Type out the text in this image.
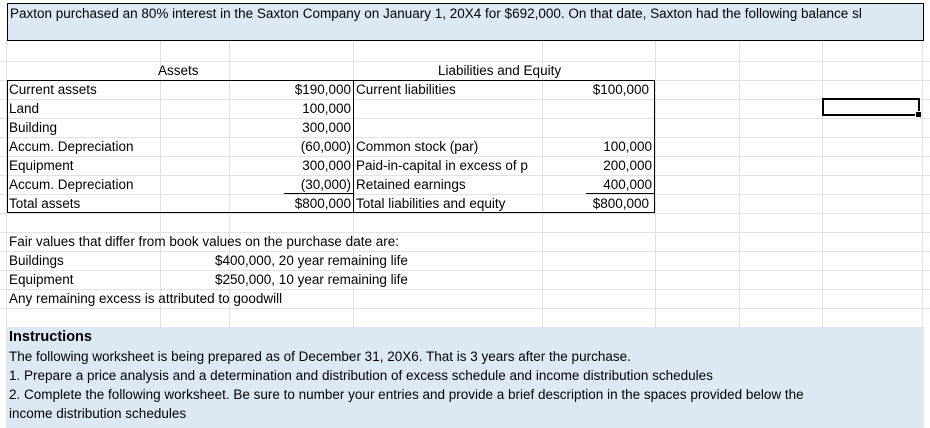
Paxton purchased an 80% interest in the Saxton Company on January 1, 20X4 for $692,000. On that date, Saxton had the following balance sl
Assets	Liabilities and Equity
Current assets	$190,000 Current liabilities	$100,000
Land	100,000
Building	300,000
Accum. Depreciation	(60,000) Common stock (par)	100,000
Equipment	300,000 Paid-in-capital in excess of p	200,000
Accum. Depreciation	(30,000) Retained earnings	400,000
Total assets	$800,000 Total liabilities and equity	$800,000
Fair values that differ from book values on the purchase date are:
Buildings	$400,000, 20 year remaining life
Equipment	$250,000, 10 year remaining life
Any remaining excess is attributed to goodwill
Instructions
The following worksheet is being prepared as of December 31, 20X6. That is 3 years after the purchase.
1. Prepare a price analysis and a determination and distribution of excess schedule and income distribution schedules
2. Complete the following worksheet. Be sure to number your entries and provide a brief description in the spaces provided below the
income distribution schedules
